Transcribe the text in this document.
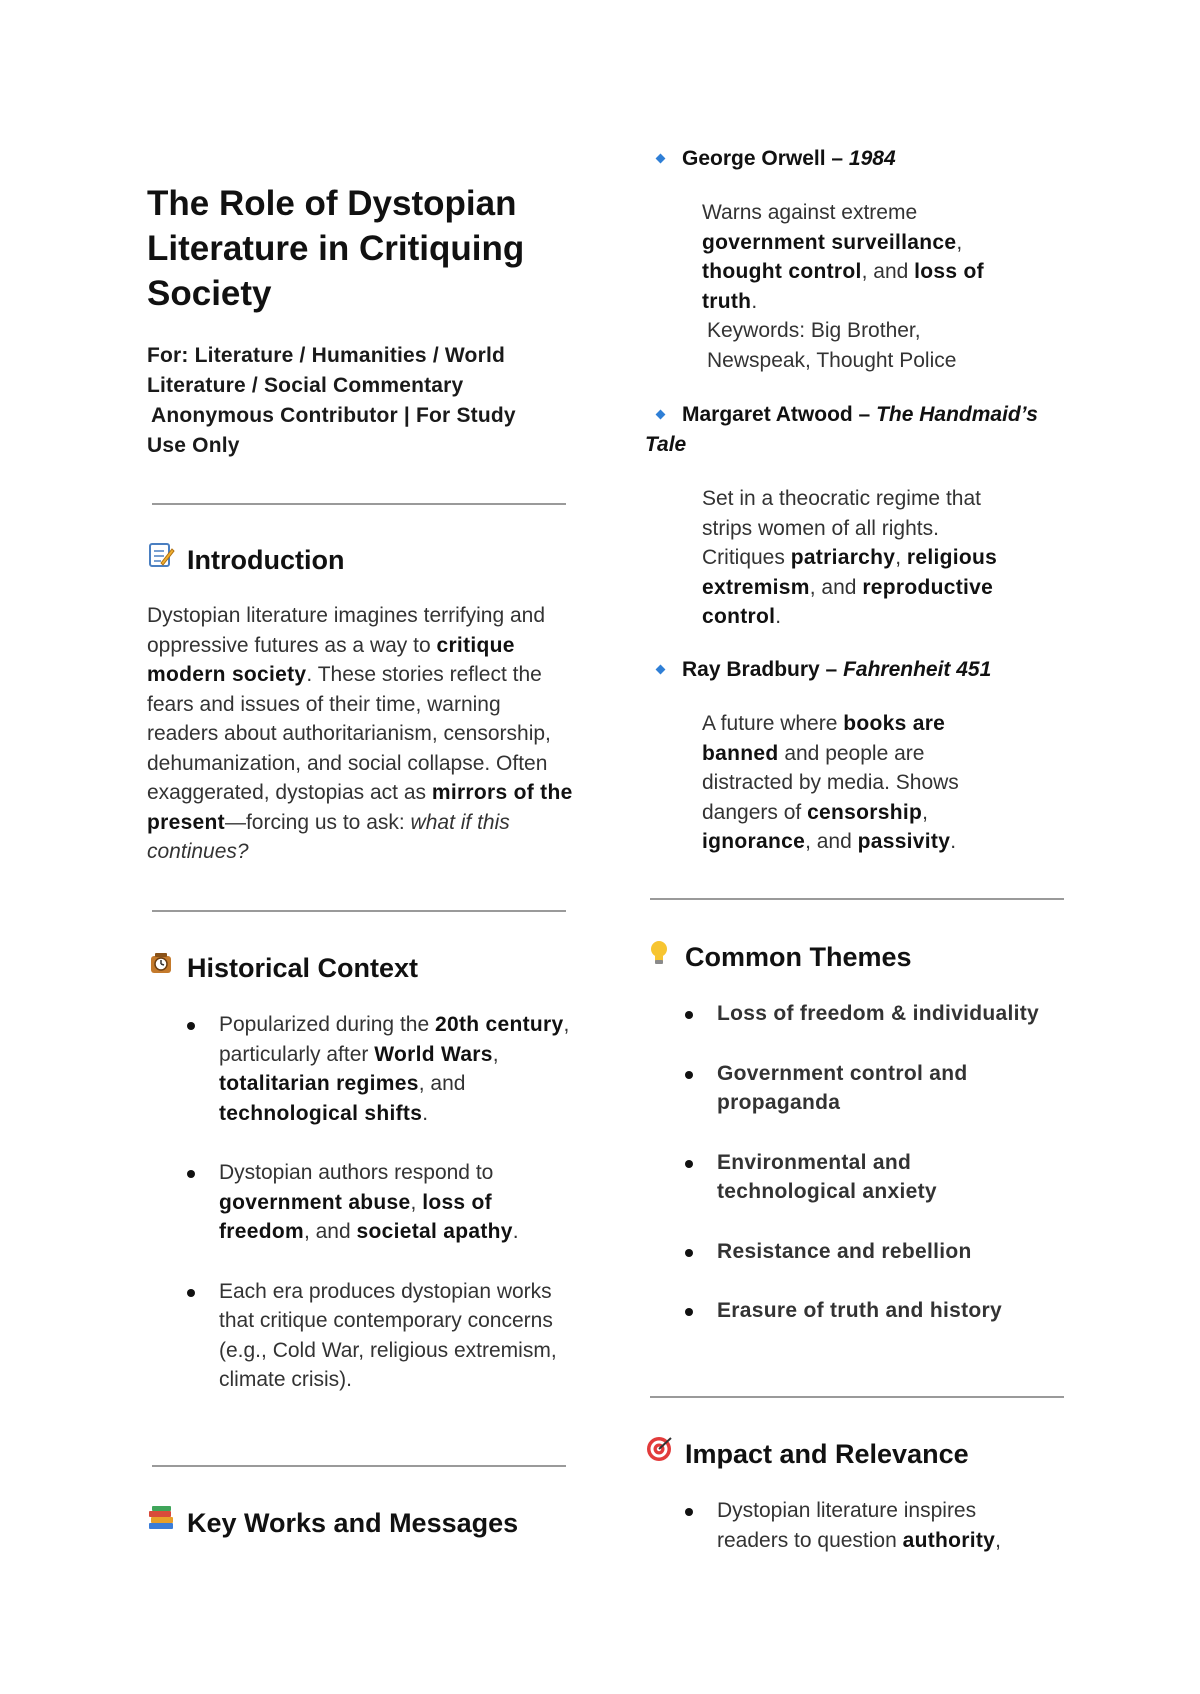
The Role of Dystopian
Literature in Critiquing
Society
For: Literature / Humanities / World
Literature / Social Commentary
Anonymous Contributor | For Study
Use Only
Introduction
Dystopian literature imagines terrifying and oppressive futures as a way to critique modern society. These stories reflect the fears and issues of their time, warning readers about authoritarianism, censorship, dehumanization, and social collapse. Often exaggerated, dystopias act as mirrors of the present—forcing us to ask: what if this continues?
Historical Context
Popularized during the 20th century, particularly after World Wars, totalitarian regimes, and technological shifts.
Dystopian authors respond to government abuse, loss of freedom, and societal apathy.
Each era produces dystopian works that critique contemporary concerns (e.g., Cold War, religious extremism, climate crisis).
Key Works and Messages
George Orwell – 1984
Warns against extreme government surveillance, thought control, and loss of truth.
Keywords: Big Brother, Newspeak, Thought Police
Margaret Atwood – The Handmaid’s Tale
Set in a theocratic regime that strips women of all rights. Critiques patriarchy, religious extremism, and reproductive control.
Ray Bradbury – Fahrenheit 451
A future where books are banned and people are distracted by media. Shows dangers of censorship, ignorance, and passivity.
Common Themes
Loss of freedom & individuality
Government control and propaganda
Environmental and technological anxiety
Resistance and rebellion
Erasure of truth and history
Impact and Relevance
Dystopian literature inspires readers to question authority,
